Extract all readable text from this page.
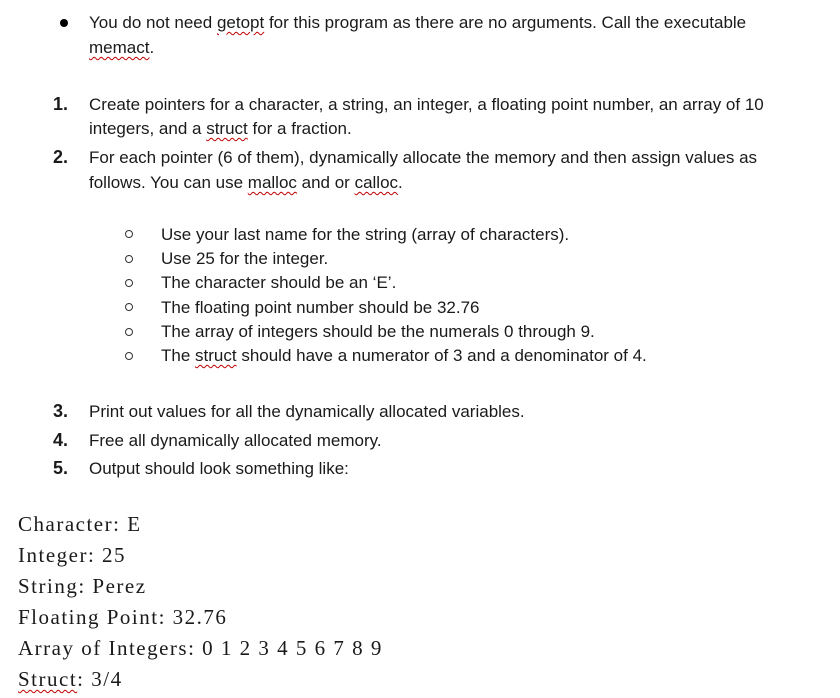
You do not need getopt for this program as there are no arguments. Call the executable
memact.
1. Create pointers for a character, a string, an integer, a floating point number, an array of 10
integers, and a struct for a fraction.
2. For each pointer (6 of them), dynamically allocate the memory and then assign values as
follows. You can use malloc and or calloc.
Use your last name for the string (array of characters).
Use 25 for the integer.
The character should be an ‘E’.
The floating point number should be 32.76
The array of integers should be the numerals 0 through 9.
The struct should have a numerator of 3 and a denominator of 4.
3. Print out values for all the dynamically allocated variables.
4. Free all dynamically allocated memory.
5. Output should look something like:
Character: E
Integer: 25
String: Perez
Floating Point: 32.76
Array of Integers: 0 1 2 3 4 5 6 7 8 9
Struct: 3/4
